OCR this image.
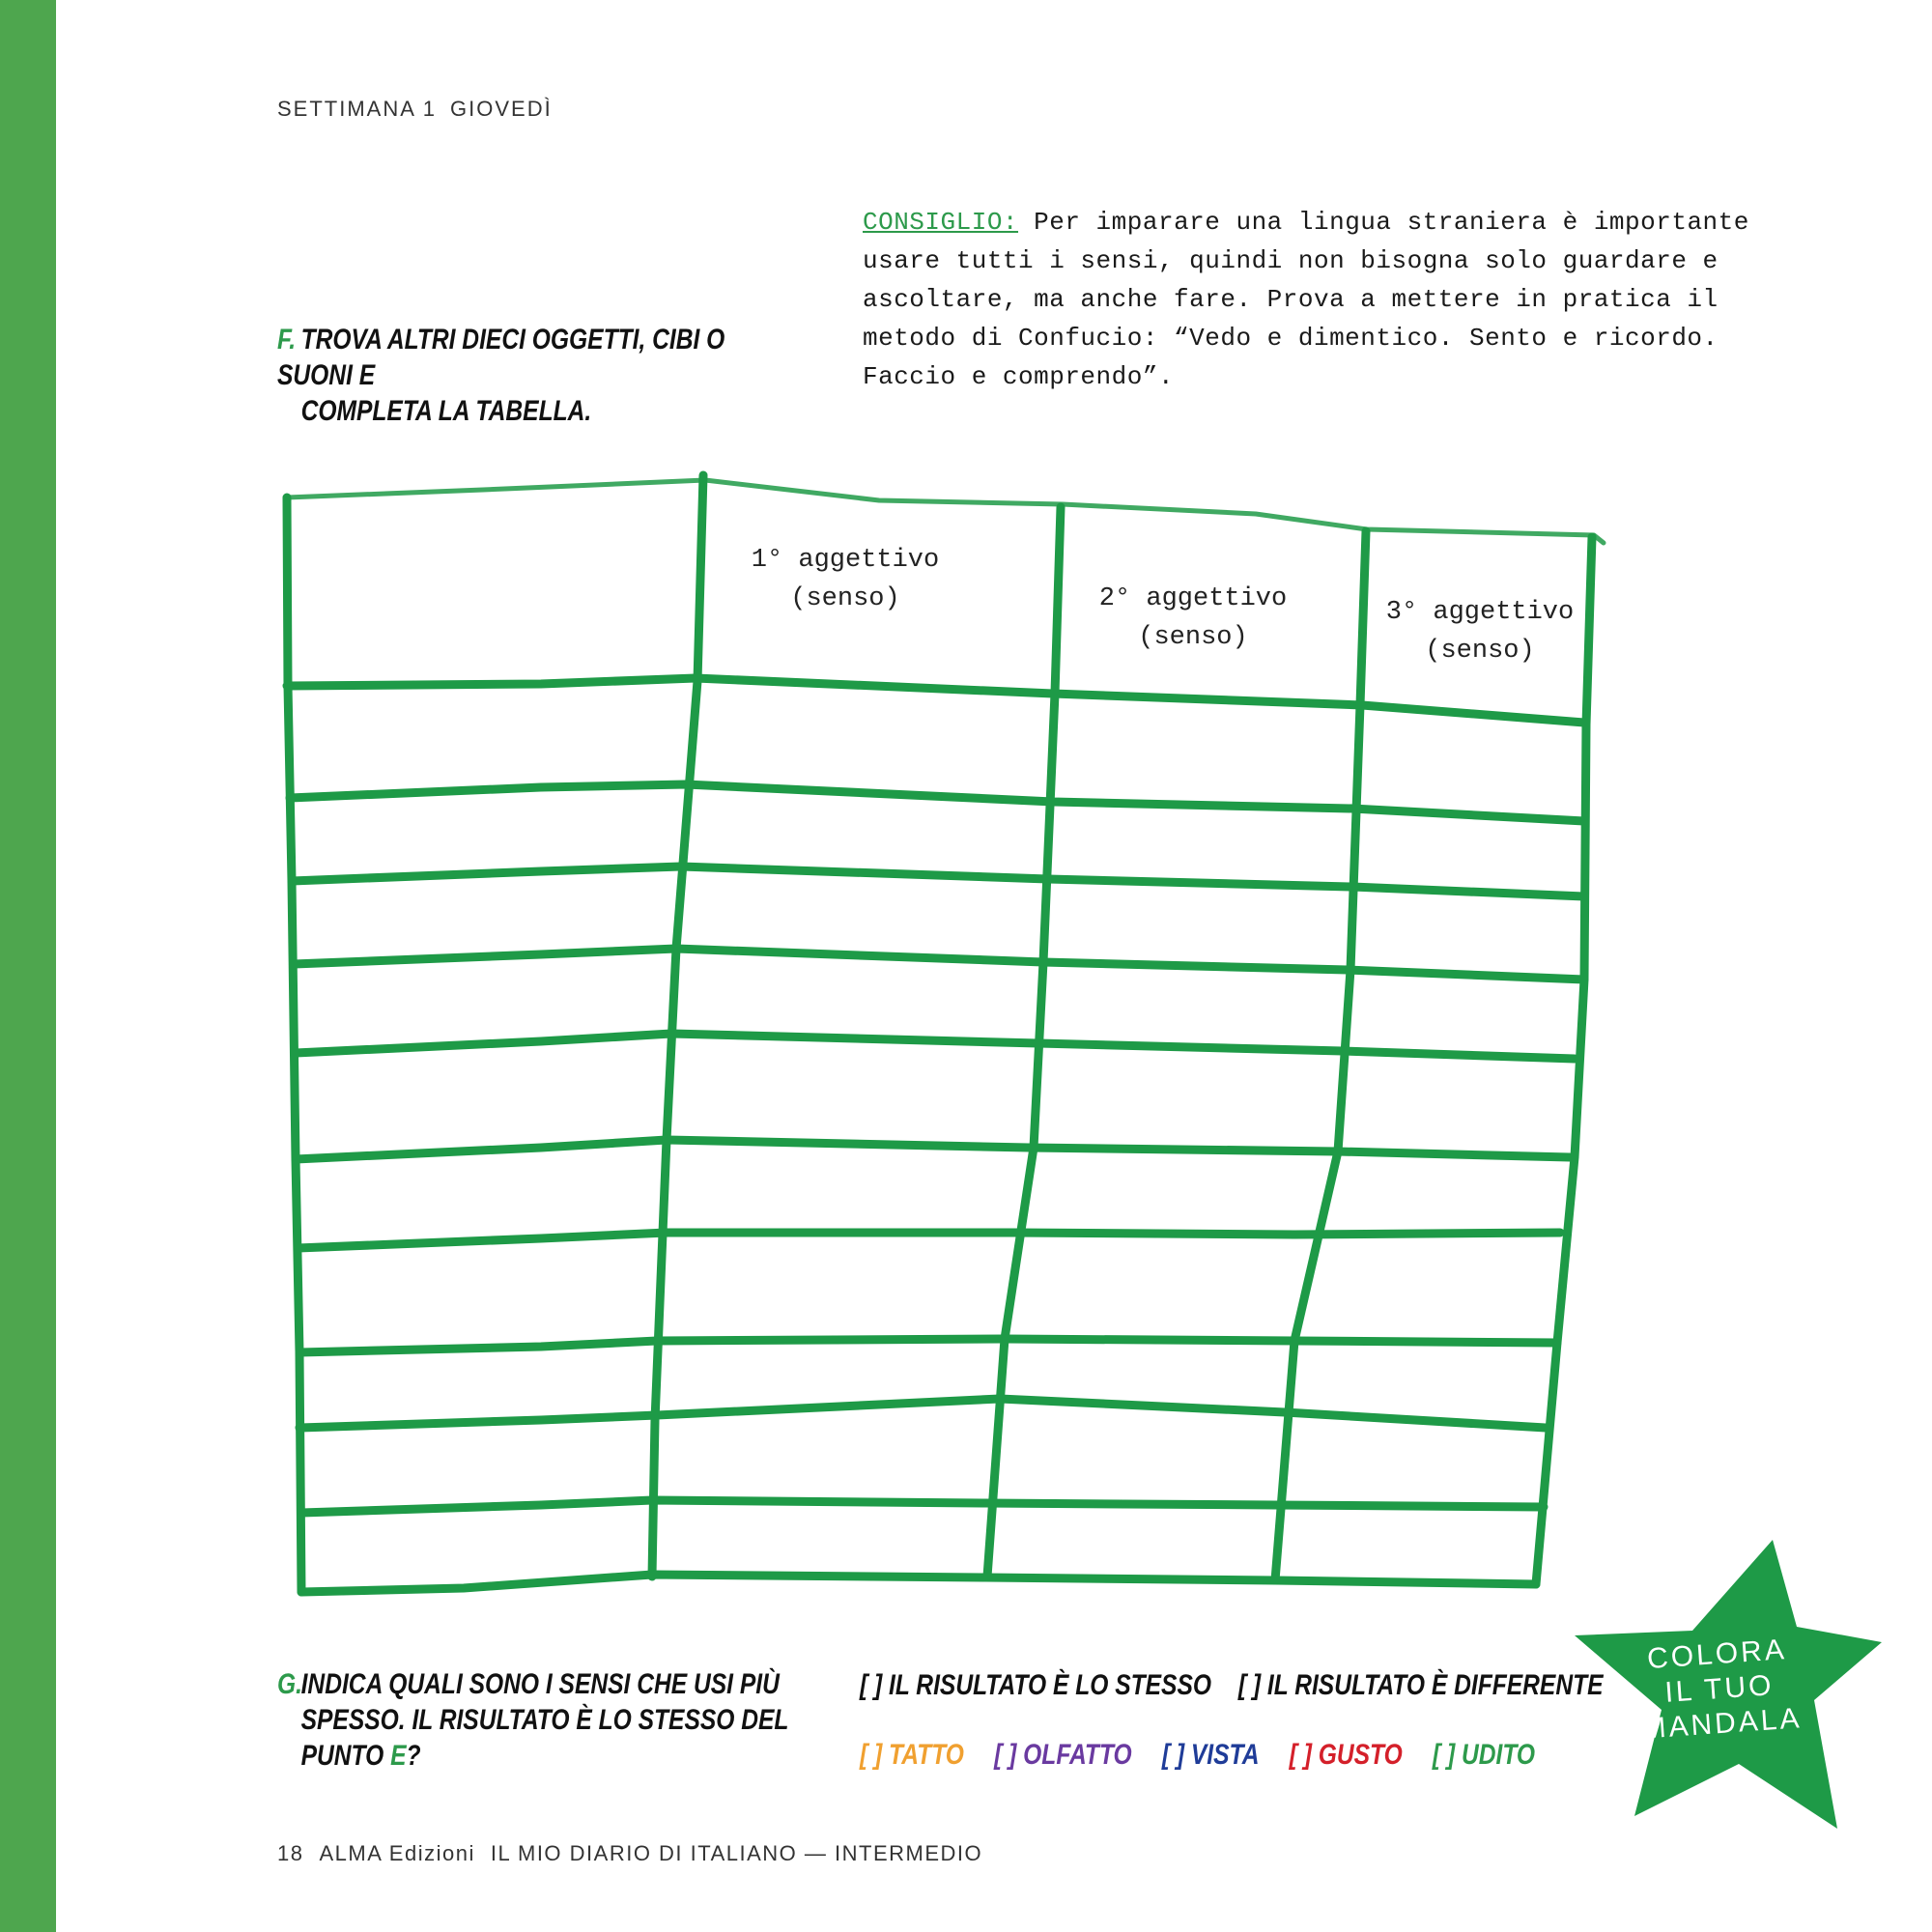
SETTIMANA 1 GIOVEDÌ
F. TROVA ALTRI DIECI OGGETTI, CIBI O SUONI E
COMPLETA LA TABELLA.
CONSIGLIO: Per imparare una lingua straniera è importante usare tutti i sensi, quindi non bisogna solo guardare e ascoltare, ma anche fare. Prova a mettere in pratica il metodo di Confucio: “Vedo e dimentico. Sento e ricordo. Faccio e comprendo”.
1° aggettivo
(senso)	2° aggettivo
(senso)
3° aggettivo
(senso)
G.INDICA QUALI SONO I SENSI CHE USI PIÙ
SPESSO. IL RISULTATO È LO STESSO DEL
PUNTO E?
[ ] IL RISULTATO È LO STESSO [ ] IL RISULTATO È DIFFERENTE
[ ] TATTO [ ] OLFATTO [ ] VISTA [ ] GUSTO [ ] UDITO
COLORA
IL TUO
MANDALA
18 ALMA Edizioni IL MIO DIARIO DI ITALIANO — INTERMEDIO
